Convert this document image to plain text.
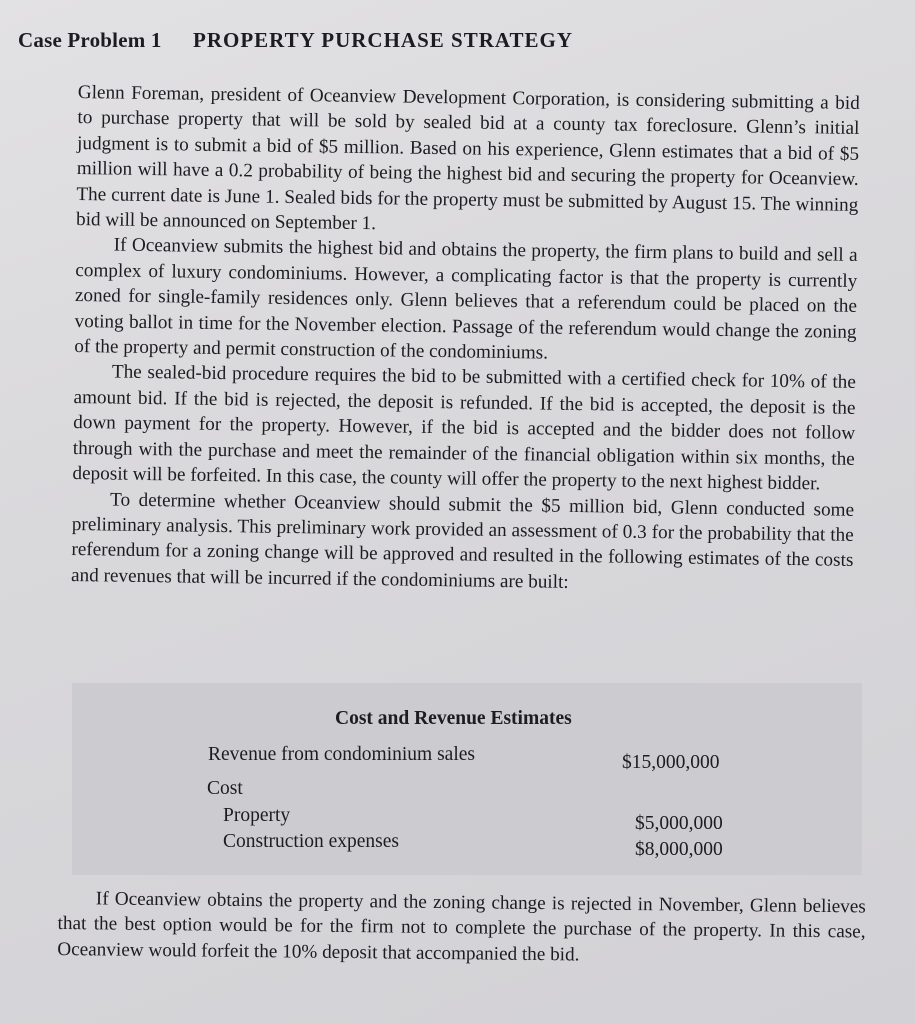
Case Problem 1 PROPERTY PURCHASE STRATEGY

Glenn Foreman, president of Oceanview Development Corporation, is considering submitting a bid to purchase property that will be sold by sealed bid at a county tax foreclosure. Glenn’s initial judgment is to submit a bid of $5 million. Based on his experience, Glenn estimates that a bid of $5 million will have a 0.2 probability of being the highest bid and securing the property for Oceanview. The current date is June 1. Sealed bids for the property must be submitted by August 15. The winning bid will be announced on September 1.

If Oceanview submits the highest bid and obtains the property, the firm plans to build and sell a complex of luxury condominiums. However, a complicating factor is that the property is currently zoned for single-family residences only. Glenn believes that a referendum could be placed on the voting ballot in time for the November election. Passage of the referendum would change the zoning of the property and permit construction of the condominiums.

The sealed-bid procedure requires the bid to be submitted with a certified check for 10% of the amount bid. If the bid is rejected, the deposit is refunded. If the bid is accepted, the deposit is the down payment for the property. However, if the bid is accepted and the bidder does not follow through with the purchase and meet the remainder of the financial obligation within six months, the deposit will be forfeited. In this case, the county will offer the property to the next highest bidder.

To determine whether Oceanview should submit the $5 million bid, Glenn conducted some preliminary analysis. This preliminary work provided an assessment of 0.3 for the probability that the referendum for a zoning change will be approved and resulted in the following estimates of the costs and revenues that will be incurred if the condominiums are built:

Cost and Revenue Estimates
Revenue from condominium sales	$15,000,000
Cost
Property	$5,000,000
Construction expenses	$8,000,000

If Oceanview obtains the property and the zoning change is rejected in November, Glenn believes that the best option would be for the firm not to complete the purchase of the property. In this case, Oceanview would forfeit the 10% deposit that accompanied the bid.
